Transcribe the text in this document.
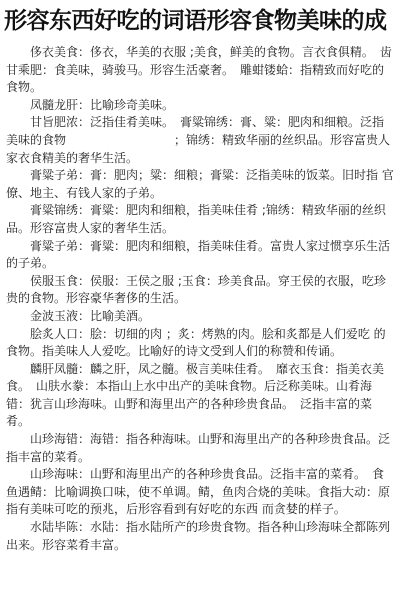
形容东西好吃的词语形容食物美味的成

　　侈衣美食：侈衣，华美的衣服 ;美食，鲜美的食物。言衣食俱精。　齿甘乘肥：食美味，骑骏马。形容生活豪奢。　雕蚶镂蛤：指精致而好吃的食物。

　　凤髓龙肝：比喻珍奇美味。

　　甘旨肥浓：泛指佳肴美味。　膏粱锦绣：膏、粱：肥肉和细粮。泛指美味的食物　　　　　　　　　；锦绣：精致华丽的丝织品。形容富贵人家衣食精美的奢华生活。

　　膏粱子弟：膏：肥肉；粱：细粮；膏粱：泛指美味的饭菜。旧时指 官僚、地主、有钱人家的子弟。

　　膏粱锦绣：膏粱：肥肉和细粮，指美味佳肴 ;锦绣：精致华丽的丝织品。形容富贵人家的奢华生活。

　　膏粱子弟：膏粱：肥肉和细粮，指美味佳肴。富贵人家过惯享乐生活的子弟。

　　侯服玉食：侯服：王侯之服 ;玉食：珍美食品。穿王侯的衣服，吃珍贵的食物。形容豪华奢侈的生活。

　　金波玉液：比喻美酒。

　　脍炙人口：脍：切细的肉 ；炙：烤熟的肉。脍和炙都是人们爱吃 的食物。指美味人人爱吃。比喻好的诗文受到人们的称赞和传诵。

　　麟肝凤髓：麟之肝，凤之髓。极言美味佳肴。　靡衣玉食：指美衣美食。　山肤水豢：本指山上水中出产的美味食物。后泛称美味。山肴海错：犹言山珍海味。山野和海里出产的各种珍贵食品。　泛指丰富的菜肴。

　　山珍海错：海错：指各种海味。山野和海里出产的各种珍贵食品。泛指丰富的菜肴。

　　山珍海味：山野和海里出产的各种珍贵食品。泛指丰富的菜肴。　食鱼遇鲭：比喻调换口味，使不单调。鲭，鱼肉合烧的美味。食指大动：原指有美味可吃的预兆，后形容看到有好吃的东西 而贪婪的样子。

　　水陆毕陈：水陆：指水陆所产的珍贵食物。指各种山珍海味全都陈列出来。形容菜肴丰富。
